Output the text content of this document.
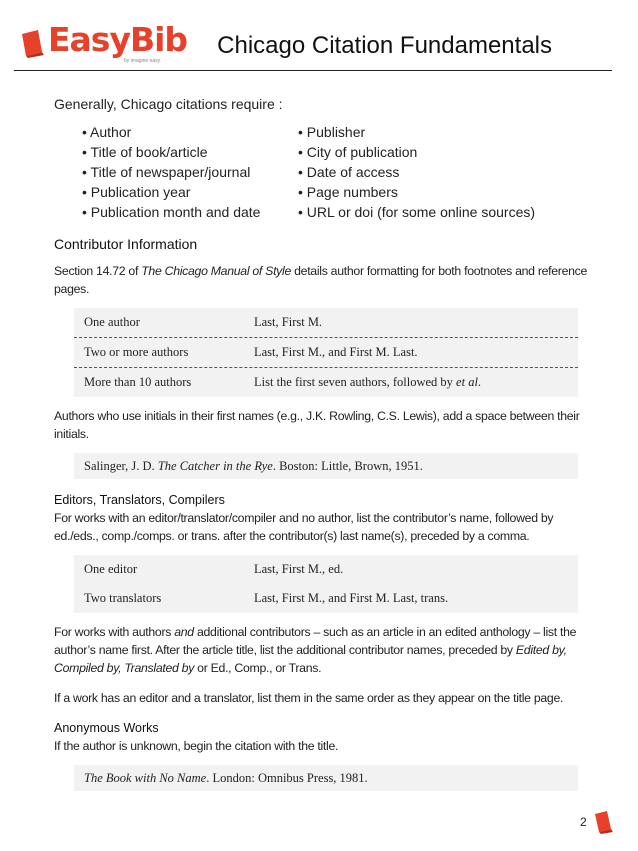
EasyBib
by imagine easy
Chicago Citation Fundamentals

Generally, Chicago citations require :

• Author
• Title of book/article
• Title of newspaper/journal
• Publication year
• Publication month and date
• Publisher
• City of publication
• Date of access
• Page numbers
• URL or doi (for some online sources)
Contributor Information

Section 14.72 of The Chicago Manual of Style details author formatting for both footnotes and reference pages.

One author	Last, First M.
Two or more authors	Last, First M., and First M. Last.
More than 10 authors	List the first seven authors, followed by et al.

Authors who use initials in their first names (e.g., J.K. Rowling, C.S. Lewis), add a space between their initials.

Salinger, J. D.
The Catcher in the Rye . Boston: Little, Brown, 1951.
Editors, Translators, Compilers

For works with an editor/translator/compiler and no author, list the contributor’s name, followed by ed./eds., comp./comps. or trans. after the contributor(s) last name(s), preceded by a comma.

One editor	Last, First M., ed.
Two translators	Last, First M., and First M. Last, trans.

For works with authors and additional contributors – such as an article in an edited anthology – list the author’s name first. After the article title, list the additional contributor names, preceded by Edited by, Compiled by, Translated by or Ed., Comp., or Trans.

If a work has an editor and a translator, list them in the same order as they appear on the title page.

Anonymous Works

If the author is unknown, begin the citation with the title.

The Book with No Name . London: Omnibus Press, 1981.
2
